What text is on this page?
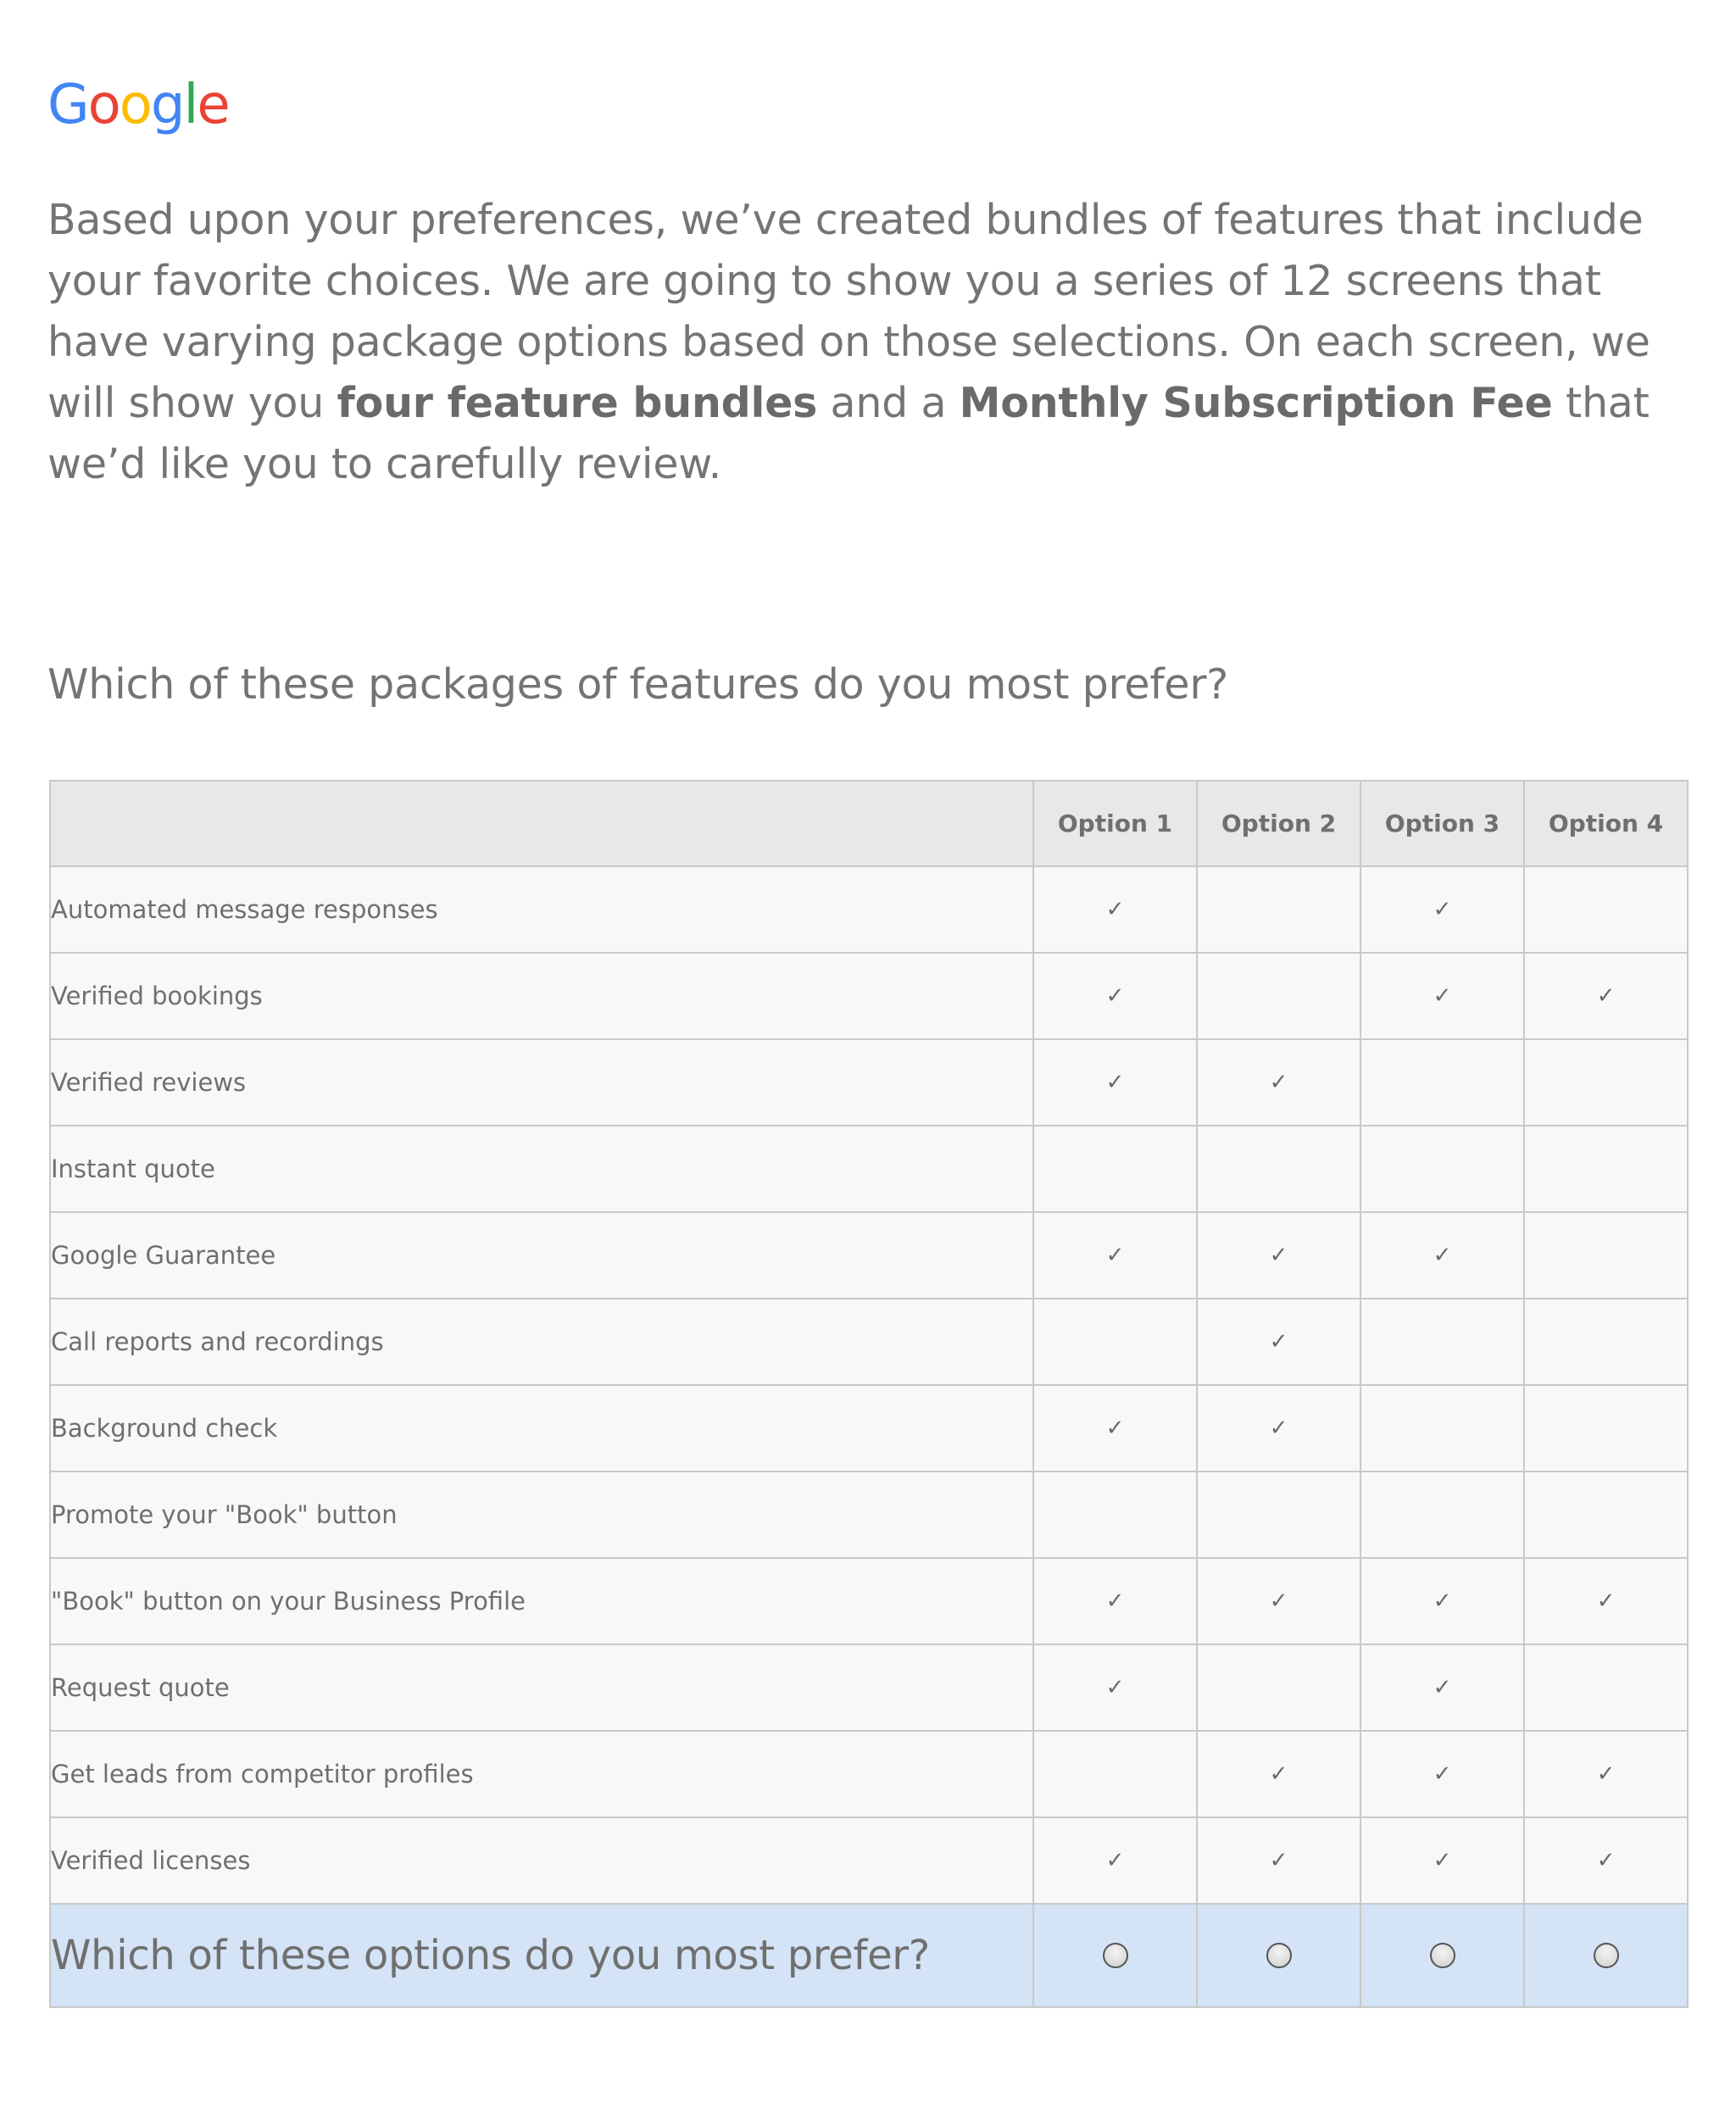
Google

Based upon your preferences, we’ve created bundles of features that include your favorite choices. We are going to show you a series of 12 screens that have varying package options based on those selections. On each screen, we will show you four feature bundles and a Monthly Subscription Fee that we’d like you to carefully review.

Which of these packages of features do you most prefer?

	Option 1	Option 2	Option 3	Option 4
Automated message responses	✓		✓	
Verified bookings	✓		✓	✓
Verified reviews	✓	✓		
Instant quote				
Google Guarantee	✓	✓	✓	
Call reports and recordings		✓		
Background check	✓	✓		
Promote your "Book" button				
"Book" button on your Business Profile	✓	✓	✓	✓
Request quote	✓		✓	
Get leads from competitor profiles		✓	✓	✓
Verified licenses	✓	✓	✓	✓
Which of these options do you most prefer?				
